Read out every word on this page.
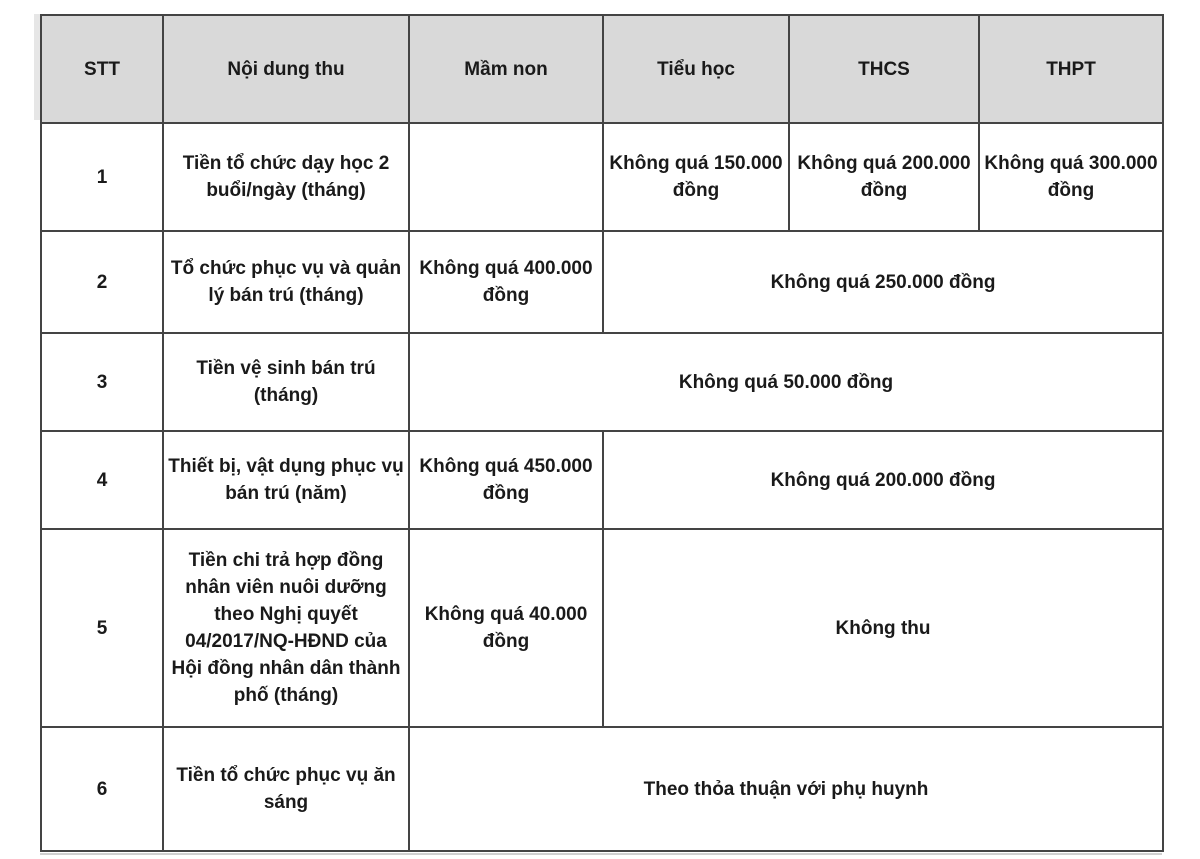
STT	Nội dung thu	Mầm non	Tiểu học	THCS	THPT
1	Tiền tổ chức dạy học 2 buổi/ngày (tháng)		Không quá 150.000 đồng	Không quá 200.000 đồng	Không quá 300.000 đồng
2	Tổ chức phục vụ và quản lý bán trú (tháng)	Không quá 400.000 đồng	Không quá 250.000 đồng		
3	Tiền vệ sinh bán trú (tháng)	Không quá 50.000 đồng			
4	Thiết bị, vật dụng phục vụ bán trú (năm)	Không quá 450.000 đồng	Không quá 200.000 đồng		
5	Tiền chi trả hợp đồng nhân viên nuôi dưỡng theo Nghị quyết 04/2017/NQ-HĐND của Hội đồng nhân dân thành phố (tháng)	Không quá 40.000 đồng	Không thu		
6	Tiền tổ chức phục vụ ăn sáng	Theo thỏa thuận với phụ huynh			
